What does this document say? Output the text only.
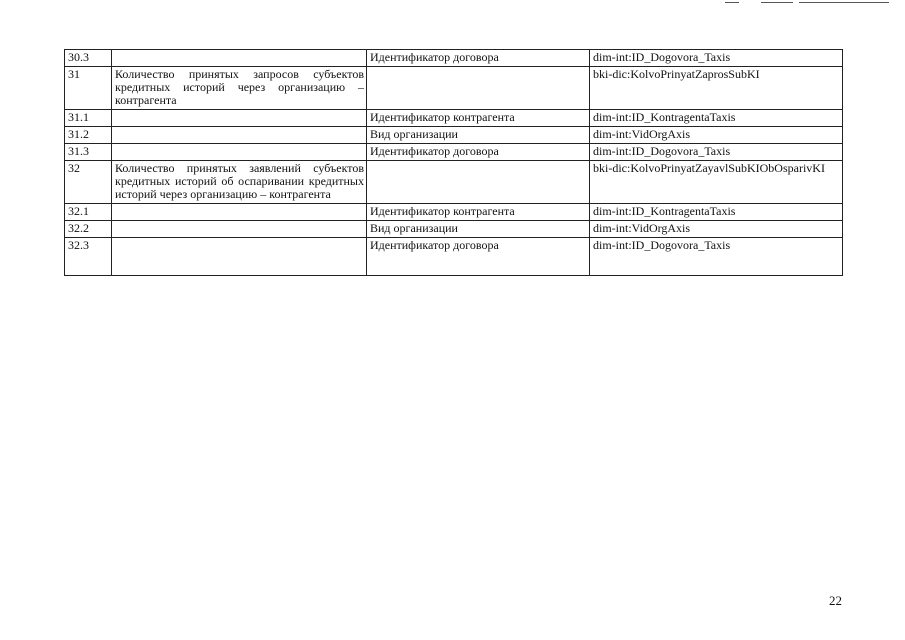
30.3		Идентификатор договора	dim-int:ID_Dogovora_Taxis
31	Количество принятых запросов субъектов кредитных историй через организацию – контрагента		bki-dic:KolvoPrinyatZaprosSubKI
31.1		Идентификатор контрагента	dim-int:ID_KontragentaTaxis
31.2		Вид организации	dim-int:VidOrgAxis
31.3		Идентификатор договора	dim-int:ID_Dogovora_Taxis
32	Количество принятых заявлений субъектов кредитных историй об оспаривании кредитных историй через организацию – контрагента		bki-dic:KolvoPrinyatZayavlSubKIObOsparivKI
32.1		Идентификатор контрагента	dim-int:ID_KontragentaTaxis
32.2		Вид организации	dim-int:VidOrgAxis
32.3		Идентификатор договора	dim-int:ID_Dogovora_Taxis
22
